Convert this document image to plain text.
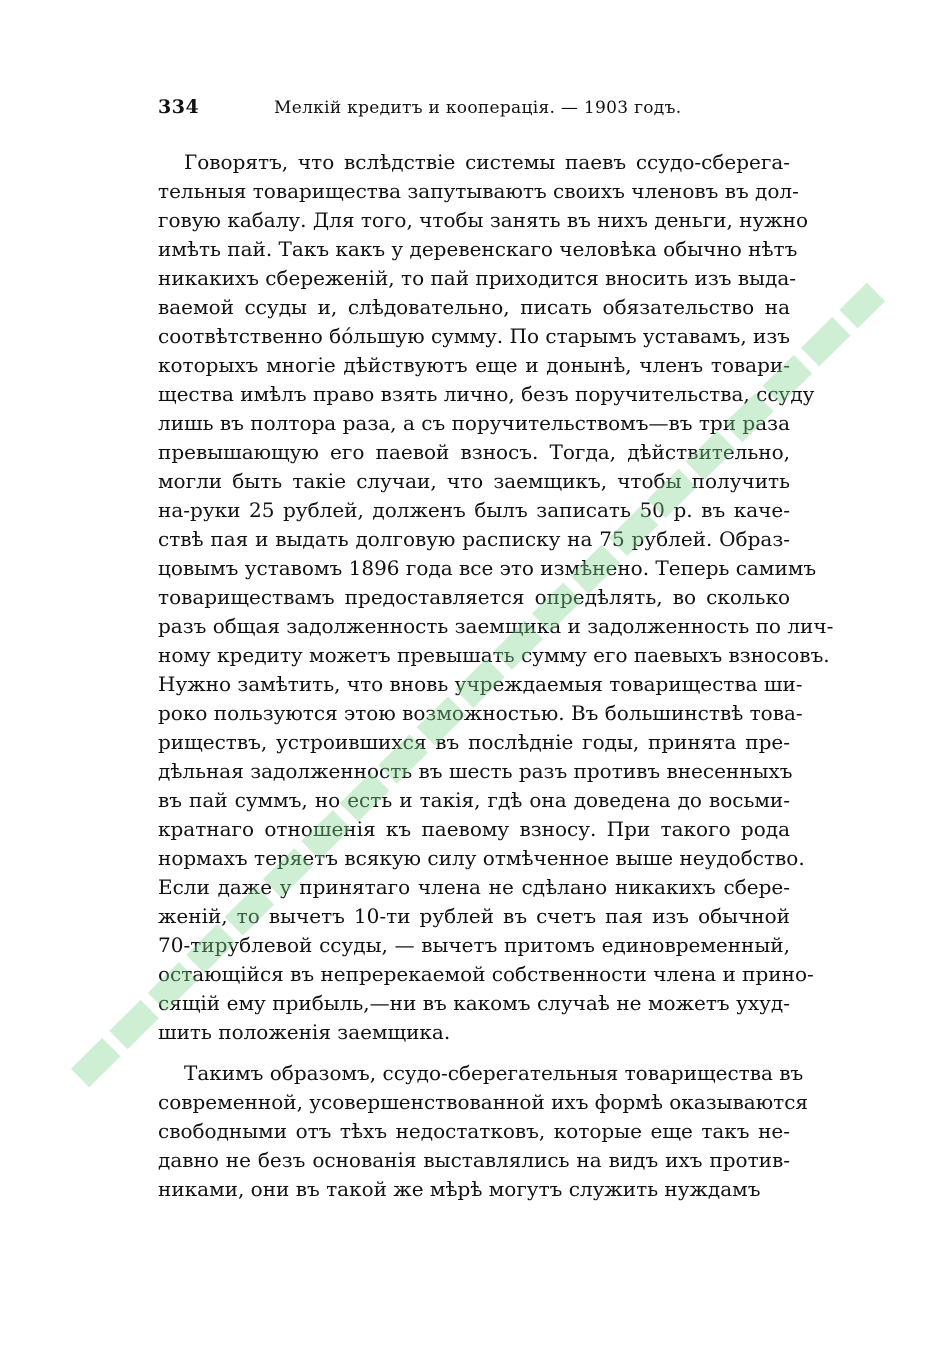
334	Мелкій кредитъ и кооперація. — 1903 годъ.
Говорятъ, что вслѣдствіе системы паевъ ссудо-сберега-
тельныя товарищества запутываютъ своихъ членовъ въ дол-
говую кабалу. Для того, чтобы занять въ нихъ деньги, нужно
имѣть пай. Такъ какъ у деревенскаго человѣка обычно нѣтъ
никакихъ сбереженій, то пай приходится вносить изъ выда-
ваемой ссуды и, слѣдовательно, писать обязательство на
соотвѣтственно бóльшую сумму. По старымъ уставамъ, изъ
которыхъ многіе дѣйствуютъ еще и донынѣ, членъ товари-
щества имѣлъ право взять лично, безъ поручительства, ссуду
лишь въ полтора раза, а съ поручительствомъ—въ три раза
превышающую его паевой взносъ. Тогда, дѣйствительно,
могли быть такіе случаи, что заемщикъ, чтобы получить
на-руки 25 рублей, долженъ былъ записать 50 р. въ каче-
ствѣ пая и выдать долговую расписку на 75 рублей. Образ-
цовымъ уставомъ 1896 года все это измѣнено. Теперь самимъ
товариществамъ предоставляется опредѣлять, во сколько
разъ общая задолженность заемщика и задолженность по лич-
ному кредиту можетъ превышать сумму его паевыхъ взносовъ.
Нужно замѣтить, что вновь учреждаемыя товарищества ши-
роко пользуются этою возможностью. Въ большинствѣ това-
риществъ, устроившихся въ послѣдніе годы, принята пре-
дѣльная задолженность въ шесть разъ противъ внесенныхъ
въ пай суммъ, но есть и такія, гдѣ она доведена до восьми-
кратнаго отношенія къ паевому взносу. При такого рода
нормахъ теряетъ всякую силу отмѣченное выше неудобство.
Если даже у принятаго члена не сдѣлано никакихъ сбере-
женій, то вычетъ 10-ти рублей въ счетъ пая изъ обычной
70-тирублевой ссуды, — вычетъ притомъ единовременный,
остающійся въ непререкаемой собственности члена и прино-
сящій ему прибыль,—ни въ какомъ случаѣ не можетъ ухуд-
шить положенія заемщика.
Такимъ образомъ, ссудо-сберегательныя товарищества въ
современной, усовершенствованной ихъ формѣ оказываются
свободными отъ тѣхъ недостатковъ, которые еще такъ не-
давно не безъ основанія выставлялись на видъ ихъ против-
никами, они въ такой же мѣрѣ могутъ служить нуждамъ
